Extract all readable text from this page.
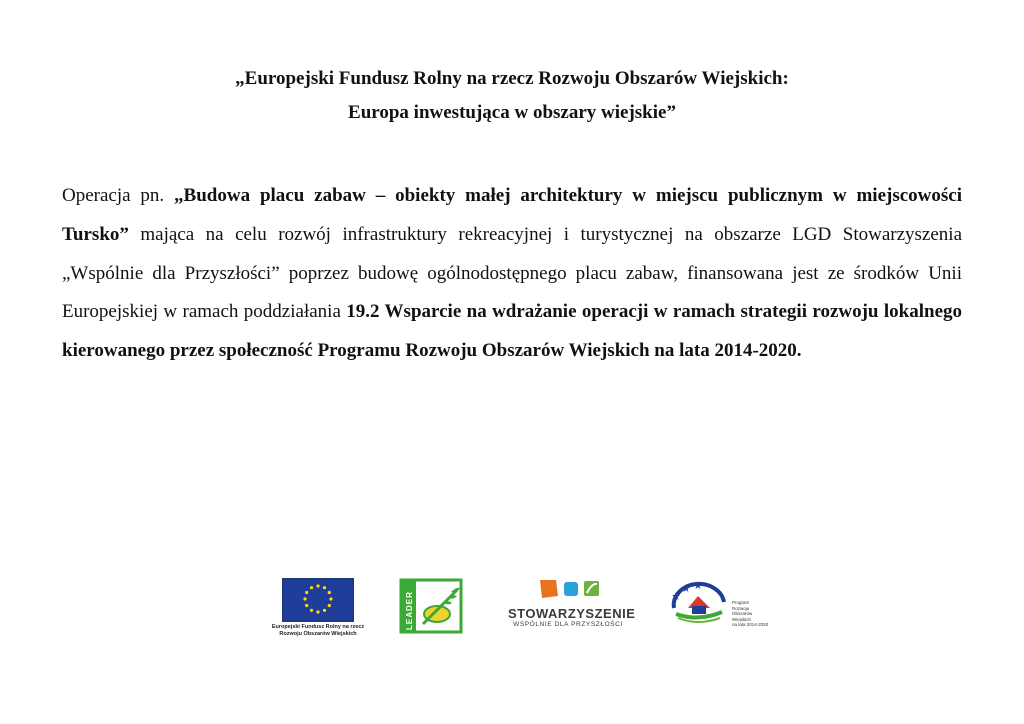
„Europejski Fundusz Rolny na rzecz Rozwoju Obszarów Wiejskich:
Europa inwestująca w obszary wiejskie”
Operacja pn. „Budowa placu zabaw – obiekty małej architektury w miejscu publicznym w miejscowości Tursko” mająca na celu rozwój infrastruktury rekreacyjnej i turystycznej na obszarze LGD Stowarzyszenia „Wspólnie dla Przyszłości” poprzez budowę ogólnodostępnego placu zabaw, finansowana jest ze środków Unii Europejskiej w ramach poddziałania 19.2 Wsparcie na wdrażanie operacji w ramach strategii rozwoju lokalnego kierowanego przez społeczność Programu Rozwoju Obszarów Wiejskich na lata 2014-2020.
Europejski Fundusz Rolny na rzecz
Rozwoju Obszarów Wiejskich
LEADER	STOWARZYSZENIE
WSPÓLNIE DLA PRZYSZŁOŚCI
Program
Rozwoju
Obszarów
Wiejskich
na lata 2014-2020
